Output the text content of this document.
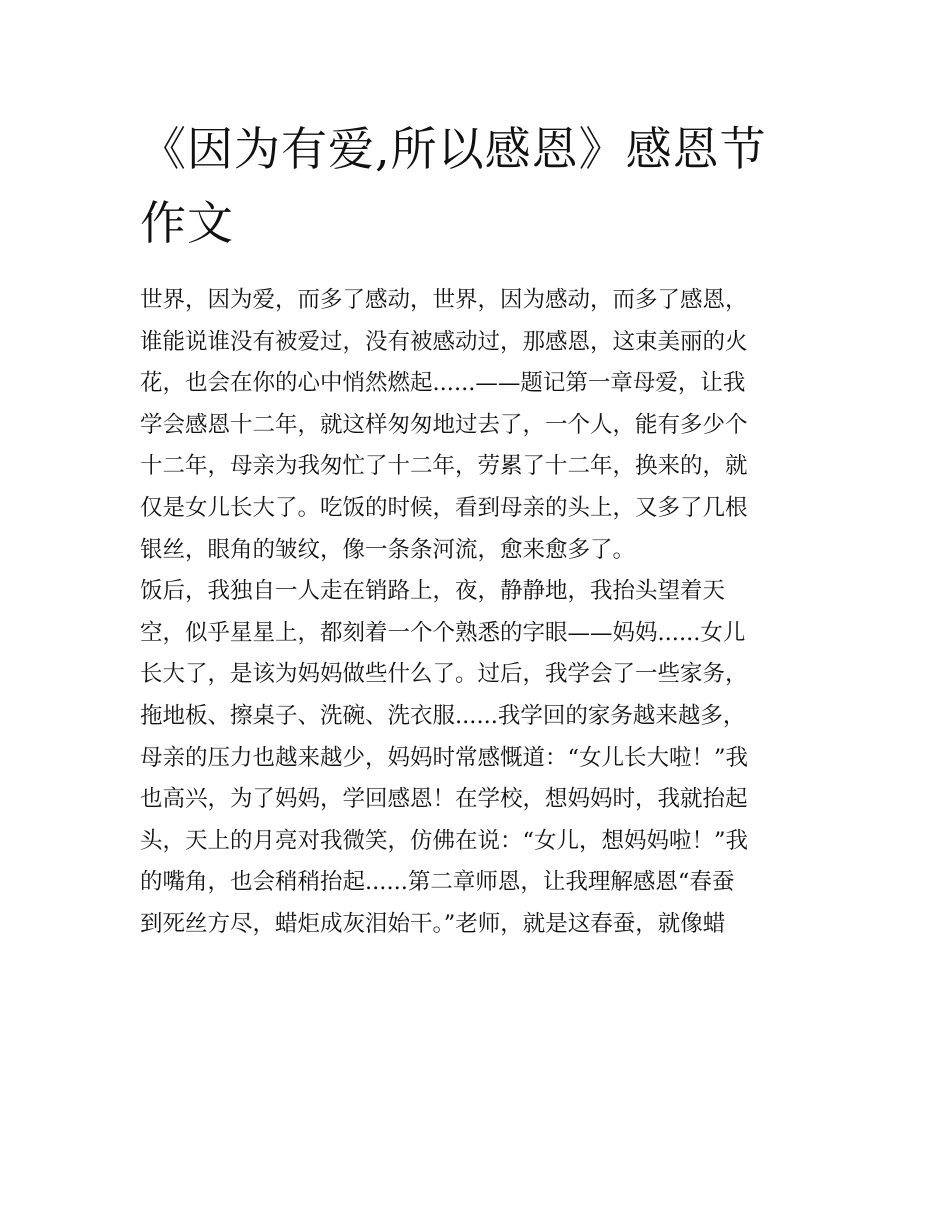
《因为有爱,所以感恩》感恩节
作文
世界，因为爱，而多了感动，世界，因为感动，而多了感恩，
谁能说谁没有被爱过，没有被感动过，那感恩，这束美丽的火
花，也会在你的心中悄然燃起......——题记第一章母爱，让我
学会感恩十二年，就这样匆匆地过去了，一个人，能有多少个
十二年，母亲为我匆忙了十二年，劳累了十二年，换来的，就
仅是女儿长大了。吃饭的时候，看到母亲的头上，又多了几根
银丝，眼角的皱纹，像一条条河流，愈来愈多了。
饭后，我独自一人走在销路上，夜，静静地，我抬头望着天
空，似乎星星上，都刻着一个个熟悉的字眼——妈妈......女儿
长大了，是该为妈妈做些什么了。过后，我学会了一些家务，
拖地板、擦桌子、洗碗、洗衣服......我学回的家务越来越多，
母亲的压力也越来越少，妈妈时常感慨道：“女儿长大啦！”我
也高兴，为了妈妈，学回感恩！在学校，想妈妈时，我就抬起
头，天上的月亮对我微笑，仿佛在说：“女儿，想妈妈啦！”我
的嘴角，也会稍稍抬起......第二章师恩，让我理解感恩“春蚕
到死丝方尽，蜡炬成灰泪始干。”老师，就是这春蚕，就像蜡
